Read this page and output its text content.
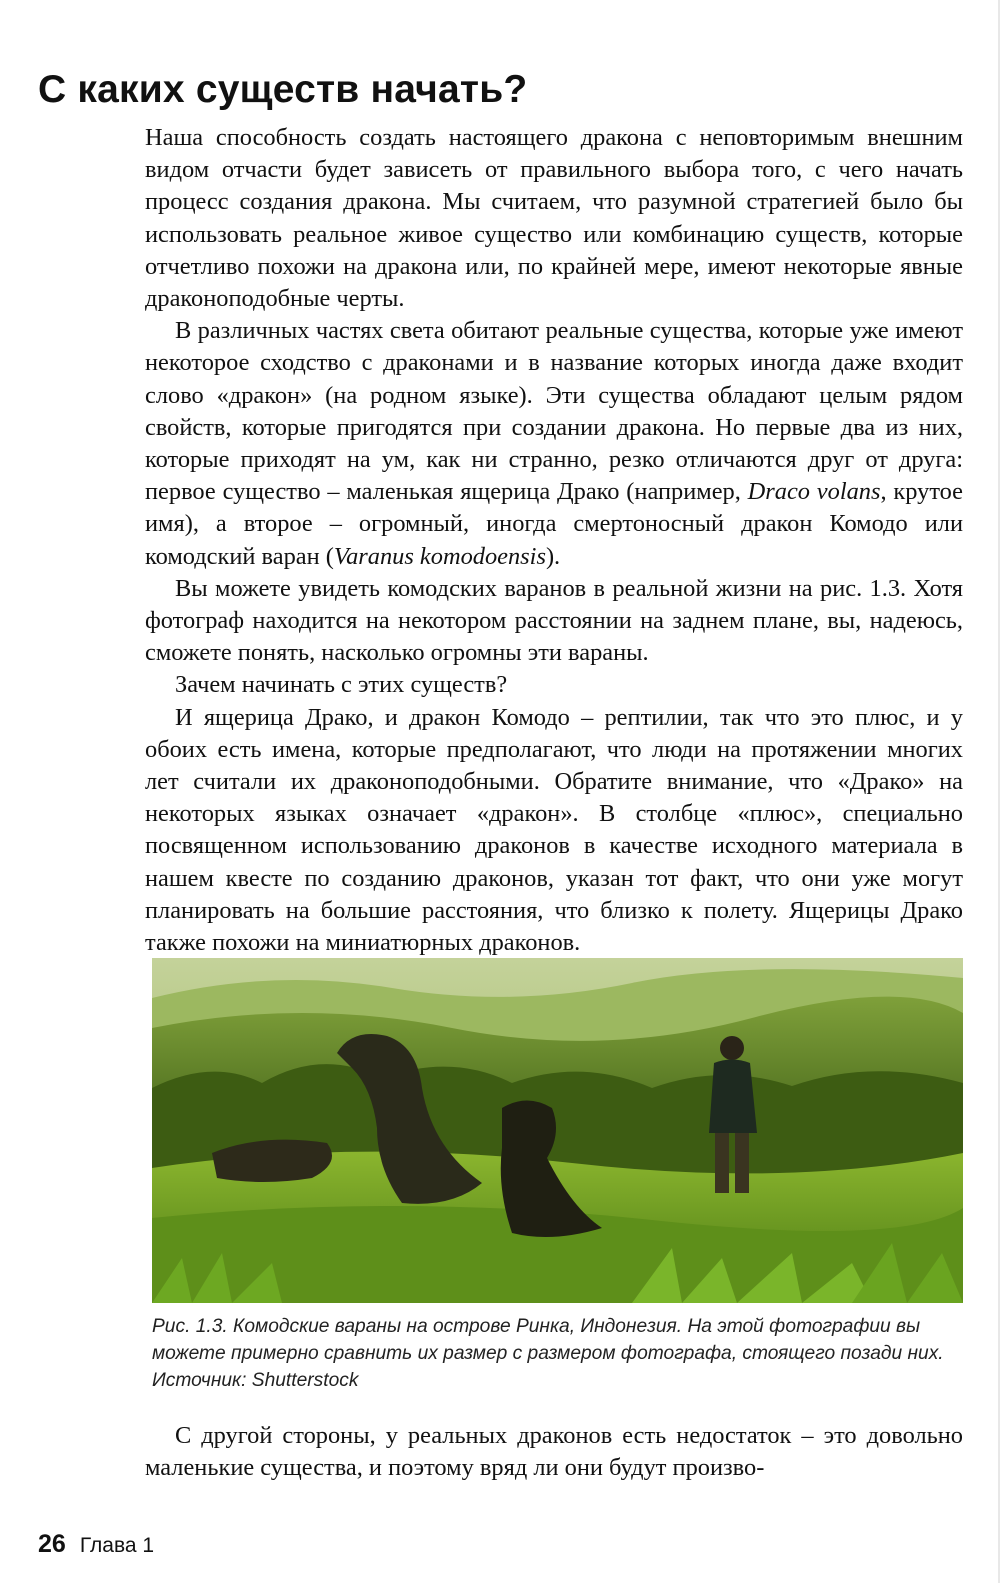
С каких существ начать?

Наша способность создать настоящего дракона с неповторимым внешним видом отчасти будет зависеть от правильного выбора того, с чего начать процесс создания дракона. Мы считаем, что разумной стратегией было бы использовать реальное живое существо или комбинацию существ, которые отчетливо похожи на дракона или, по крайней мере, имеют некоторые явные драконоподобные черты.

В различных частях света обитают реальные существа, которые уже имеют некоторое сходство с драконами и в название которых иногда даже входит слово «дракон» (на родном языке). Эти существа обладают целым рядом свойств, которые пригодятся при создании дракона. Но первые два из них, которые приходят на ум, как ни странно, резко отличаются друг от друга: первое существо – маленькая ящерица Драко (например, Draco volans, крутое имя), а второе – огромный, иногда смертоносный дракон Комодо или комодский варан (Varanus komodoensis).

Вы можете увидеть комодских варанов в реальной жизни на рис. 1.3. Хотя фотограф находится на некотором расстоянии на заднем плане, вы, надеюсь, сможете понять, насколько огромны эти вараны.

Зачем начинать с этих существ?

И ящерица Драко, и дракон Комодо – рептилии, так что это плюс, и у обоих есть имена, которые предполагают, что люди на протяжении многих лет считали их драконоподобными. Обратите внимание, что «Драко» на некоторых языках означает «дракон». В столбце «плюс», специально посвященном использованию драконов в качестве исходного материала в нашем квесте по созданию драконов, указан тот факт, что они уже могут планировать на большие расстояния, что близко к полету. Ящерицы Драко также похожи на миниатюрных драконов.

Рис. 1.3. Комодские вараны на острове Ринка, Индонезия. На этой фотографии вы можете примерно сравнить их размер с размером фотографа, стоящего позади них. Источник: Shutterstock

С другой стороны, у реальных драконов есть недостаток – это довольно маленькие существа, и поэтому вряд ли они будут произво-

26 Глава 1
